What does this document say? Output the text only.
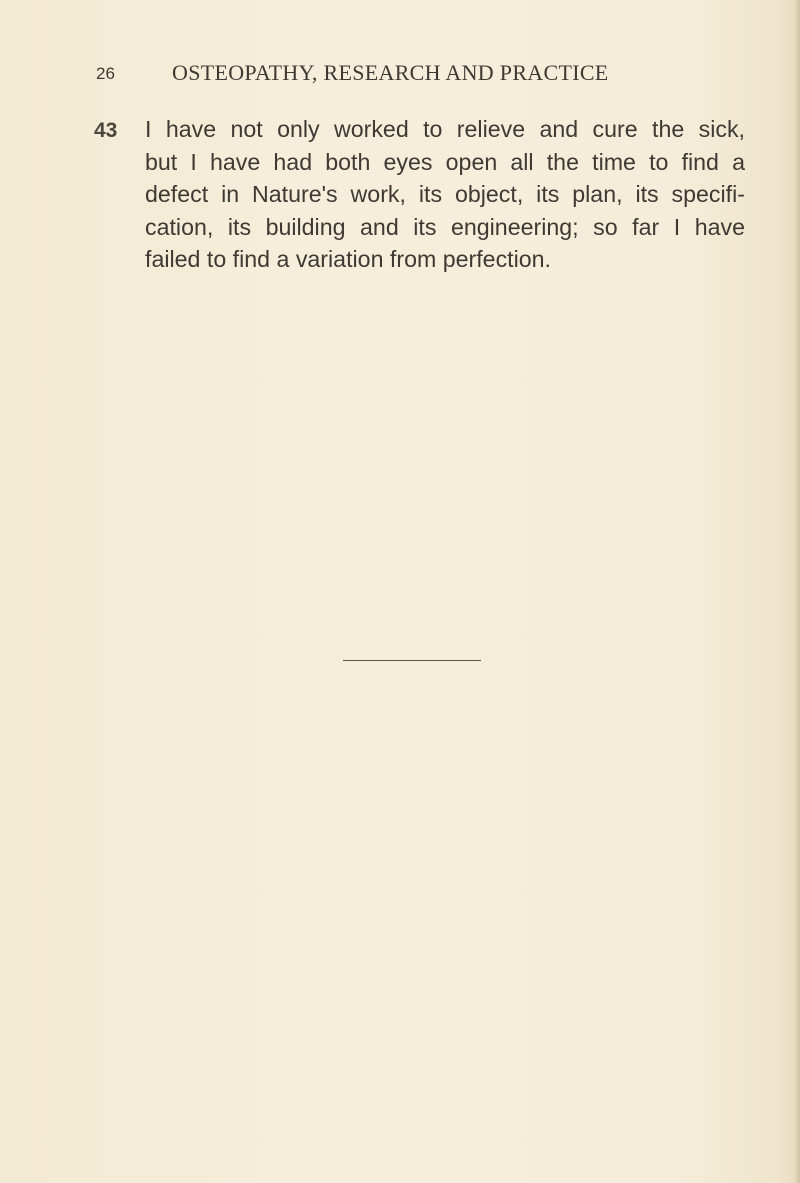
26	OSTEOPATHY, RESEARCH AND PRACTICE
43 I have not only worked to relieve and cure the sick,
but I have had both eyes open all the time to find a
defect in Nature's work, its object, its plan, its specifi-
cation, its building and its engineering; so far I have
failed to find a variation from perfection.
